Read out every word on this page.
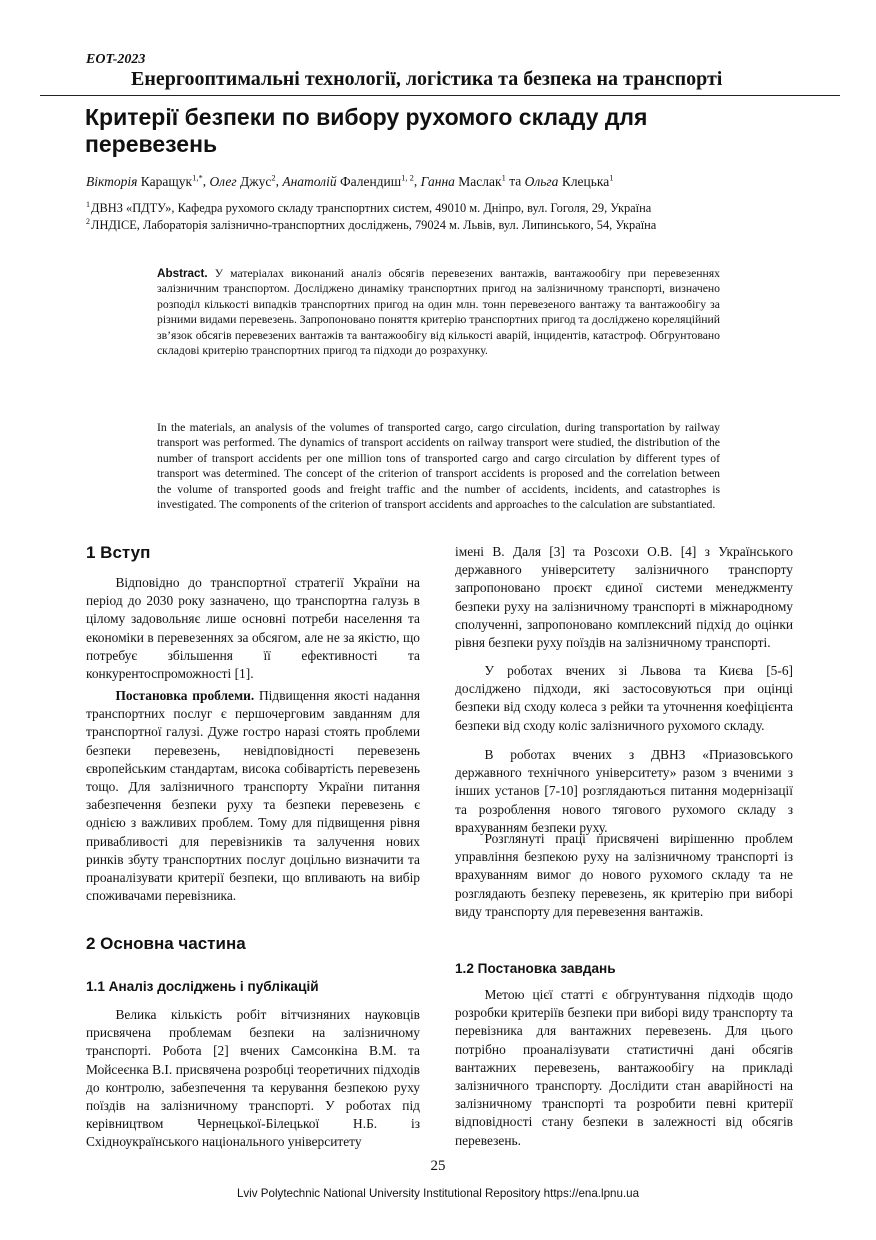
EOT-2023
Енергооптимальні технології, логістика та безпека на транспорті
Критерії безпеки по вибору рухомого складу для перевезень
Вікторія Каращук$^{1,*}$, Олег Джус$^2$, Анатолій Фалендиш$^{1, 2}$, Ганна Маслак$^1$ та Ольга Клецька$^1$
$^1$ ДВНЗ «ПДТУ», Кафедра рухомого складу транспортних систем, 49010 м. Дніпро, вул. Гоголя, 29, Україна
$^2$ ЛНДІСЕ, Лабораторія залізнично-транспортних досліджень, 79024 м. Львів, вул. Липинського, 54, Україна
Abstract. У матеріалах виконаний аналіз обсягів перевезених вантажів, вантажообігу при перевезеннях залізничним транспортом. Досліджено динаміку транспортних пригод на залізничному транспорті, визначено розподіл кількості випадків транспортних пригод на один млн. тонн перевезеного вантажу та вантажообігу за різними видами перевезень. Запропоновано поняття критерію транспортних пригод та досліджено кореляційний зв’язок обсягів перевезених вантажів та вантажообігу від кількості аварій, інцидентів, катастроф. Обгрунтовано складові критерію транспортних пригод та підходи до розрахунку.
In the materials, an analysis of the volumes of transported cargo, cargo circulation, during transportation by railway transport was performed. The dynamics of transport accidents on railway transport were studied, the distribution of the number of transport accidents per one million tons of transported cargo and cargo circulation by different types of transport was determined. The concept of the criterion of transport accidents is proposed and the correlation between the volume of transported goods and freight traffic and the number of accidents, incidents, and catastrophes is investigated. The components of the criterion of transport accidents and approaches to the calculation are substantiated.
1 Вступ
Відповідно до транспортної стратегії України на період до 2030 року зазначено, що транспортна галузь в цілому задовольняє лише основні потреби населення та економіки в перевезеннях за обсягом, але не за якістю, що потребує збільшення її ефективності та конкурентоспроможності [1].
Постановка проблеми. Підвищення якості надання транспортних послуг є першочерговим завданням для транспортної галузі. Дуже гостро наразі стоять проблеми безпеки перевезень, невідповідності перевезень європейським стандартам, висока собівартість перевезень тощо. Для залізничного транспорту України питання забезпечення безпеки руху та безпеки перевезень є однією з важливих проблем. Тому для підвищення рівня привабливості для перевізників та залучення нових ринків збуту транспортних послуг доцільно визначити та проаналізувати критерії безпеки, що впливають на вибір споживачами перевізника.
2 Основна частина
1.1 Аналіз досліджень і публікацій
Велика кількість робіт вітчизняних науковців присвячена проблемам безпеки на залізничному транспорті. Робота [2] вчених Самсонкіна В.М. та Мойсеєнка В.І. присвячена розробці теоретичних підходів до контролю, забезпечення та керування безпекою руху поїздів на залізничному транспорті. У роботах під керівництвом Чернецької-Білецької Н.Б. із Східноукраїнського національного університету
імені В. Даля [3] та Розсохи О.В. [4] з Українського державного університету залізничного транспорту запропоновано проєкт єдиної системи менеджменту безпеки руху на залізничному транспорті в міжнародному сполученні, запропоновано комплексний підхід до оцінки рівня безпеки руху поїздів на залізничному транспорті.
У роботах вчених зі Львова та Києва [5-6] досліджено підходи, які застосовуються при оцінці безпеки від сходу колеса з рейки та уточнення коефіцієнта безпеки від сходу коліс залізничного рухомого складу.
В роботах вчених з ДВНЗ «Приазовського державного технічного університету» разом з вченими з інших установ [7-10] розглядаються питання модернізації та розроблення нового тягового рухомого складу з врахуванням безпеки руху.
Розглянуті праці присвячені вирішенню проблем управління безпекою руху на залізничному транспорті із врахуванням вимог до нового рухомого складу та не розглядають безпеку перевезень, як критерію при виборі виду транспорту для перевезення вантажів.
1.2 Постановка завдань
Метою цієї статті є обгрунтування підходів щодо розробки критеріїв безпеки при виборі виду транспорту та перевізника для вантажних перевезень. Для цього потрібно проаналізувати статистичні дані обсягів вантажних перевезень, вантажообігу на прикладі залізничного транспорту. Дослідити стан аварійності на залізничному транспорті та розробити певні критерії відповідності стану безпеки в залежності від обсягів перевезень.
25
Lviv Polytechnic National University Institutional Repository https://ena.lpnu.ua
